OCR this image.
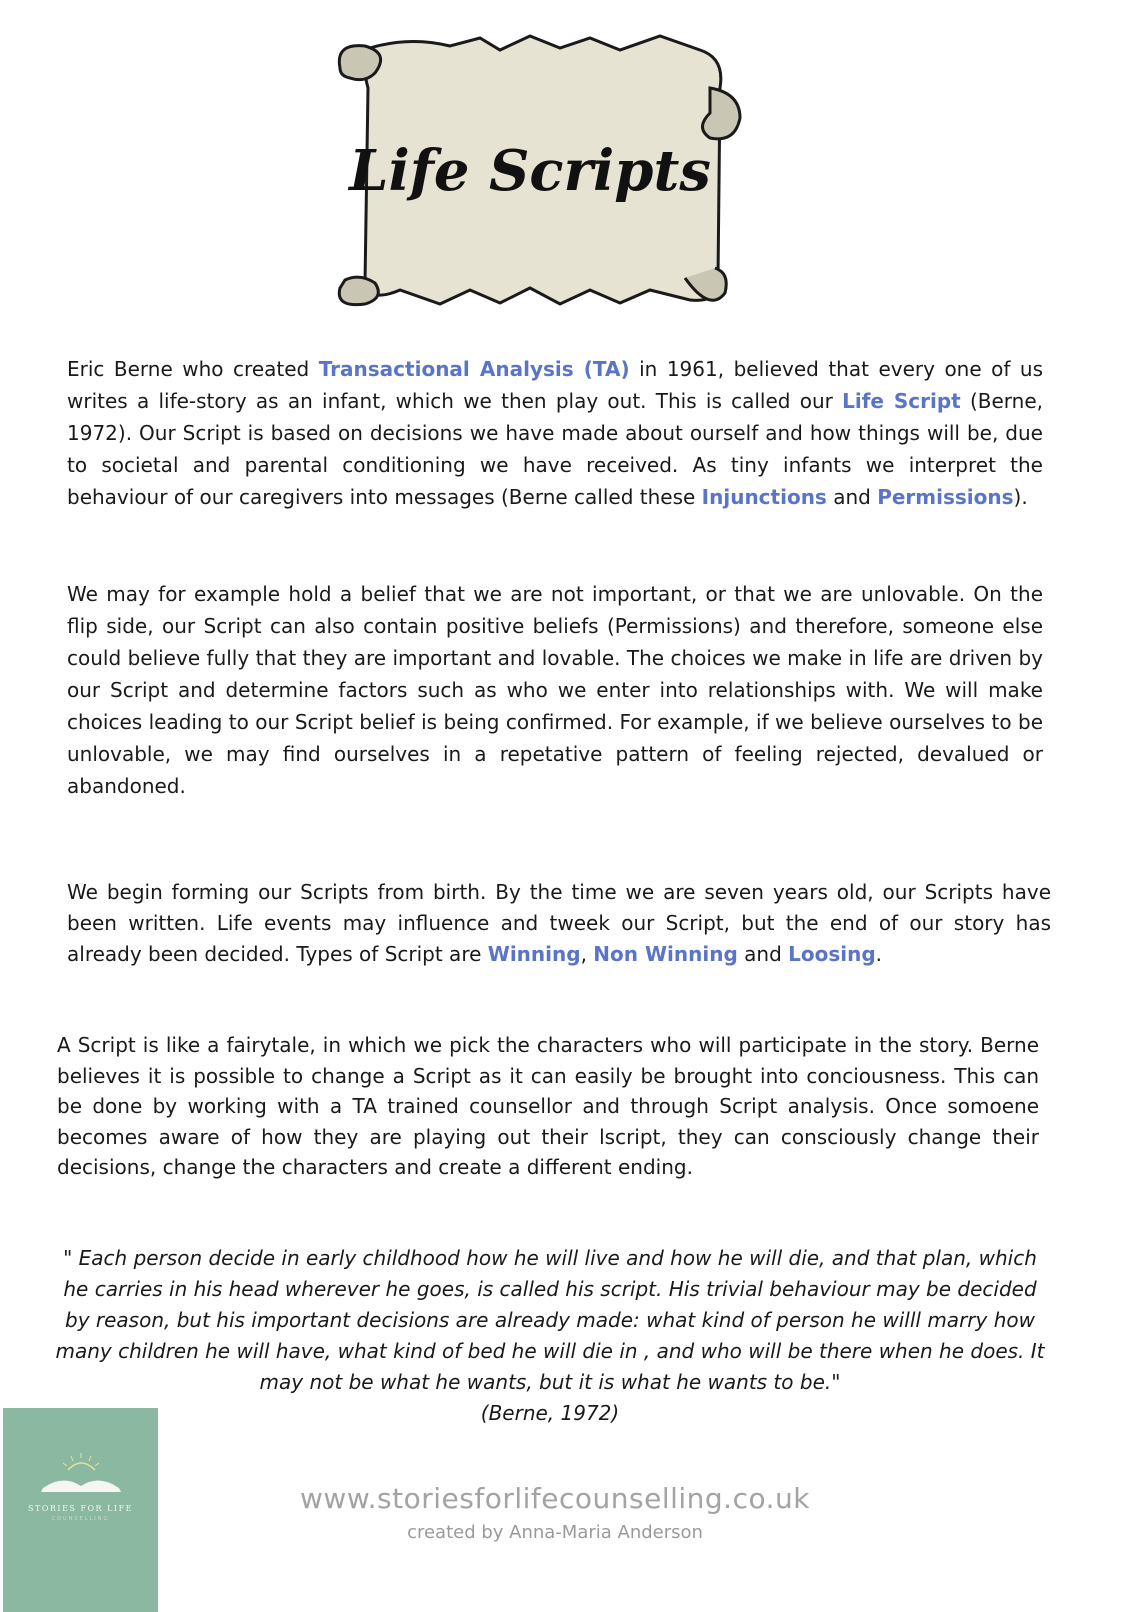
Life Scripts
Eric Berne who created Transactional Analysis (TA) in 1961, believed that every one of us writes a life-story as an infant, which we then play out. This is called our Life Script (Berne, 1972). Our Script is based on decisions we have made about ourself and how things will be, due to societal and parental conditioning we have received. As tiny infants we interpret the behaviour of our caregivers into messages (Berne called these Injunctions and Permissions).
We may for example hold a belief that we are not important, or that we are unlovable. On the flip side, our Script can also contain positive beliefs (Permissions) and therefore, someone else could believe fully that they are important and lovable. The choices we make in life are driven by our Script and determine factors such as who we enter into relationships with. We will make choices leading to our Script belief is being confirmed. For example, if we believe ourselves to be unlovable, we may find ourselves in a repetative pattern of feeling rejected, devalued or abandoned.
We begin forming our Scripts from birth. By the time we are seven years old, our Scripts have been written. Life events may influence and tweek our Script, but the end of our story has already been decided. Types of Script are Winning, Non Winning and Loosing.
A Script is like a fairytale, in which we pick the characters who will participate in the story. Berne believes it is possible to change a Script as it can easily be brought into conciousness. This can be done by working with a TA trained counsellor and through Script analysis. Once somoene becomes aware of how they are playing out their lscript, they can consciously change their decisions, change the characters and create a different ending.
" Each person decide in early childhood how he will live and how he will die, and that plan, which he carries in his head wherever he goes, is called his script. His trivial behaviour may be decided by reason, but his important decisions are already made: what kind of person he willl marry how many children he will have, what kind of bed he will die in , and who will be there when he does. It may not be what he wants, but it is what he wants to be."
(Berne, 1972)
STORIES FOR LIFE
COUNSELLING
www.storiesforlifecounselling.co.uk
created by Anna-Maria Anderson
